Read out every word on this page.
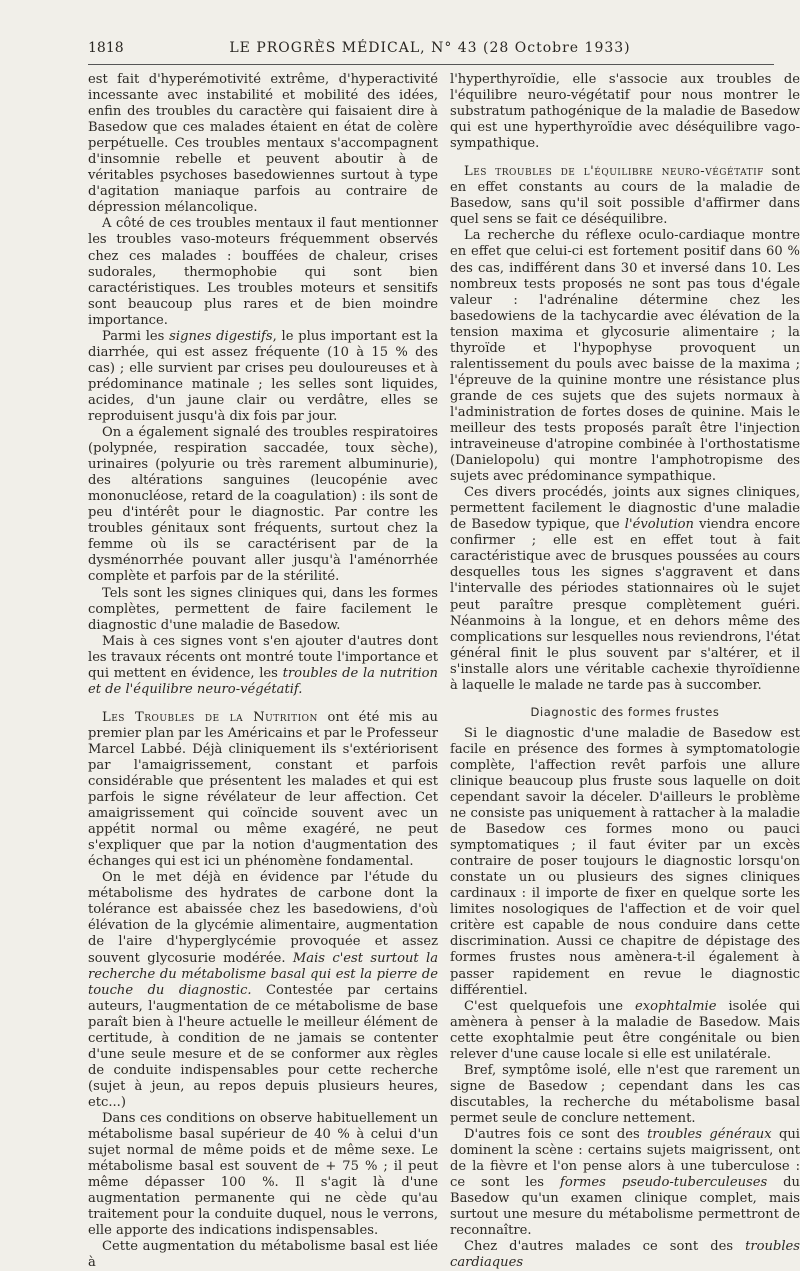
1818	LE PROGRÈS MÉDICAL, N° 43 (28 Octobre 1933)

est fait d'hyperémotivité extrême, d'hyperactivité incessante avec instabilité et mobilité des idées, enfin des troubles du caractère qui faisaient dire à Basedow que ces malades étaient en état de colère perpétuelle. Ces troubles mentaux s'accompagnent d'insomnie rebelle et peuvent aboutir à de véritables psychoses basedowiennes surtout à type d'agitation maniaque parfois au contraire de dépression mélancolique.

A côté de ces troubles mentaux il faut mentionner les troubles vaso-moteurs fréquemment observés chez ces malades : bouffées de chaleur, crises sudorales, thermophobie qui sont bien caractéristiques. Les troubles moteurs et sensitifs sont beaucoup plus rares et de bien moindre importance.

Parmi les signes digestifs, le plus important est la diarrhée, qui est assez fréquente (10 à 15 % des cas) ; elle survient par crises peu douloureuses et à prédominance matinale ; les selles sont liquides, acides, d'un jaune clair ou verdâtre, elles se reproduisent jusqu'à dix fois par jour.

On a également signalé des troubles respiratoires (polypnée, respiration saccadée, toux sèche), urinaires (polyurie ou très rarement albuminurie), des altérations sanguines (leucopénie avec mononucléose, retard de la coagulation) : ils sont de peu d'intérêt pour le diagnostic. Par contre les troubles génitaux sont fréquents, surtout chez la femme où ils se caractérisent par de la dysménorrhée pouvant aller jusqu'à l'aménorrhée complète et parfois par de la stérilité.

Tels sont les signes cliniques qui, dans les formes complètes, permettent de faire facilement le diagnostic d'une maladie de Basedow.

Mais à ces signes vont s'en ajouter d'autres dont les travaux récents ont montré toute l'importance et qui mettent en évidence, les troubles de la nutrition et de l'équilibre neuro-végétatif.

Les Troubles de la Nutrition ont été mis au premier plan par les Américains et par le Professeur Marcel Labbé. Déjà cliniquement ils s'extériorisent par l'amaigrissement, constant et parfois considérable que présentent les malades et qui est parfois le signe révélateur de leur affection. Cet amaigrissement qui coïncide souvent avec un appétit normal ou même exagéré, ne peut s'expliquer que par la notion d'augmentation des échanges qui est ici un phénomène fondamental.

On le met déjà en évidence par l'étude du métabolisme des hydrates de carbone dont la tolérance est abaissée chez les basedowiens, d'où élévation de la glycémie alimentaire, augmentation de l'aire d'hyperglycémie provoquée et assez souvent glycosurie modérée. Mais c'est surtout la recherche du métabolisme basal qui est la pierre de touche du diagnostic. Contestée par certains auteurs, l'augmentation de ce métabolisme de base paraît bien à l'heure actuelle le meilleur élément de certitude, à condition de ne jamais se contenter d'une seule mesure et de se conformer aux règles de conduite indispensables pour cette recherche (sujet à jeun, au repos depuis plusieurs heures, etc...)

Dans ces conditions on observe habituellement un métabolisme basal supérieur de 40 % à celui d'un sujet normal de même poids et de même sexe. Le métabolisme basal est souvent de + 75 % ; il peut même dépasser 100 %. Il s'agit là d'une augmentation permanente qui ne cède qu'au traitement pour la conduite duquel, nous le verrons, elle apporte des indications indispensables.

Cette augmentation du métabolisme basal est liée à

l'hyperthyroïdie, elle s'associe aux troubles de l'équilibre neuro-végétatif pour nous montrer le substratum pathogénique de la maladie de Basedow qui est une hyperthyroïdie avec déséquilibre vago-sympathique.

Les troubles de l'équilibre neuro-végétatif sont en effet constants au cours de la maladie de Basedow, sans qu'il soit possible d'affirmer dans quel sens se fait ce déséquilibre.

La recherche du réflexe oculo-cardiaque montre en effet que celui-ci est fortement positif dans 60 % des cas, indifférent dans 30 et inversé dans 10. Les nombreux tests proposés ne sont pas tous d'égale valeur : l'adrénaline détermine chez les basedowiens de la tachycardie avec élévation de la tension maxima et glycosurie alimentaire ; la thyroïde et l'hypophyse provoquent un ralentissement du pouls avec baisse de la maxima ; l'épreuve de la quinine montre une résistance plus grande de ces sujets que des sujets normaux à l'administration de fortes doses de quinine. Mais le meilleur des tests proposés paraît être l'injection intraveineuse d'atropine combinée à l'orthostatisme (Danielopolu) qui montre l'amphotropisme des sujets avec prédominance sympathique.

Ces divers procédés, joints aux signes cliniques, permettent facilement le diagnostic d'une maladie de Basedow typique, que l'évolution viendra encore confirmer ; elle est en effet tout à fait caractéristique avec de brusques poussées au cours desquelles tous les signes s'aggravent et dans l'intervalle des périodes stationnaires où le sujet peut paraître presque complètement guéri. Néanmoins à la longue, et en dehors même des complications sur lesquelles nous reviendrons, l'état général finit le plus souvent par s'altérer, et il s'installe alors une véritable cachexie thyroïdienne à laquelle le malade ne tarde pas à succomber.

Diagnostic des formes frustes

Si le diagnostic d'une maladie de Basedow est facile en présence des formes à symptomatologie complète, l'affection revêt parfois une allure clinique beaucoup plus fruste sous laquelle on doit cependant savoir la déceler. D'ailleurs le problème ne consiste pas uniquement à rattacher à la maladie de Basedow ces formes mono ou pauci symptomatiques ; il faut éviter par un excès contraire de poser toujours le diagnostic lorsqu'on constate un ou plusieurs des signes cliniques cardinaux : il importe de fixer en quelque sorte les limites nosologiques de l'affection et de voir quel critère est capable de nous conduire dans cette discrimination. Aussi ce chapitre de dépistage des formes frustes nous amènera-t-il également à passer rapidement en revue le diagnostic différentiel.

C'est quelquefois une exophtalmie isolée qui amènera à penser à la maladie de Basedow. Mais cette exophtalmie peut être congénitale ou bien relever d'une cause locale si elle est unilatérale.

Bref, symptôme isolé, elle n'est que rarement un signe de Basedow ; cependant dans les cas discutables, la recherche du métabolisme basal permet seule de conclure nettement.

D'autres fois ce sont des troubles généraux qui dominent la scène : certains sujets maigrissent, ont de la fièvre et l'on pense alors à une tuberculose : ce sont les formes pseudo-tuberculeuses du Basedow qu'un examen clinique complet, mais surtout une mesure du métabolisme permettront de reconnaître.

Chez d'autres malades ce sont des troubles cardiaques
